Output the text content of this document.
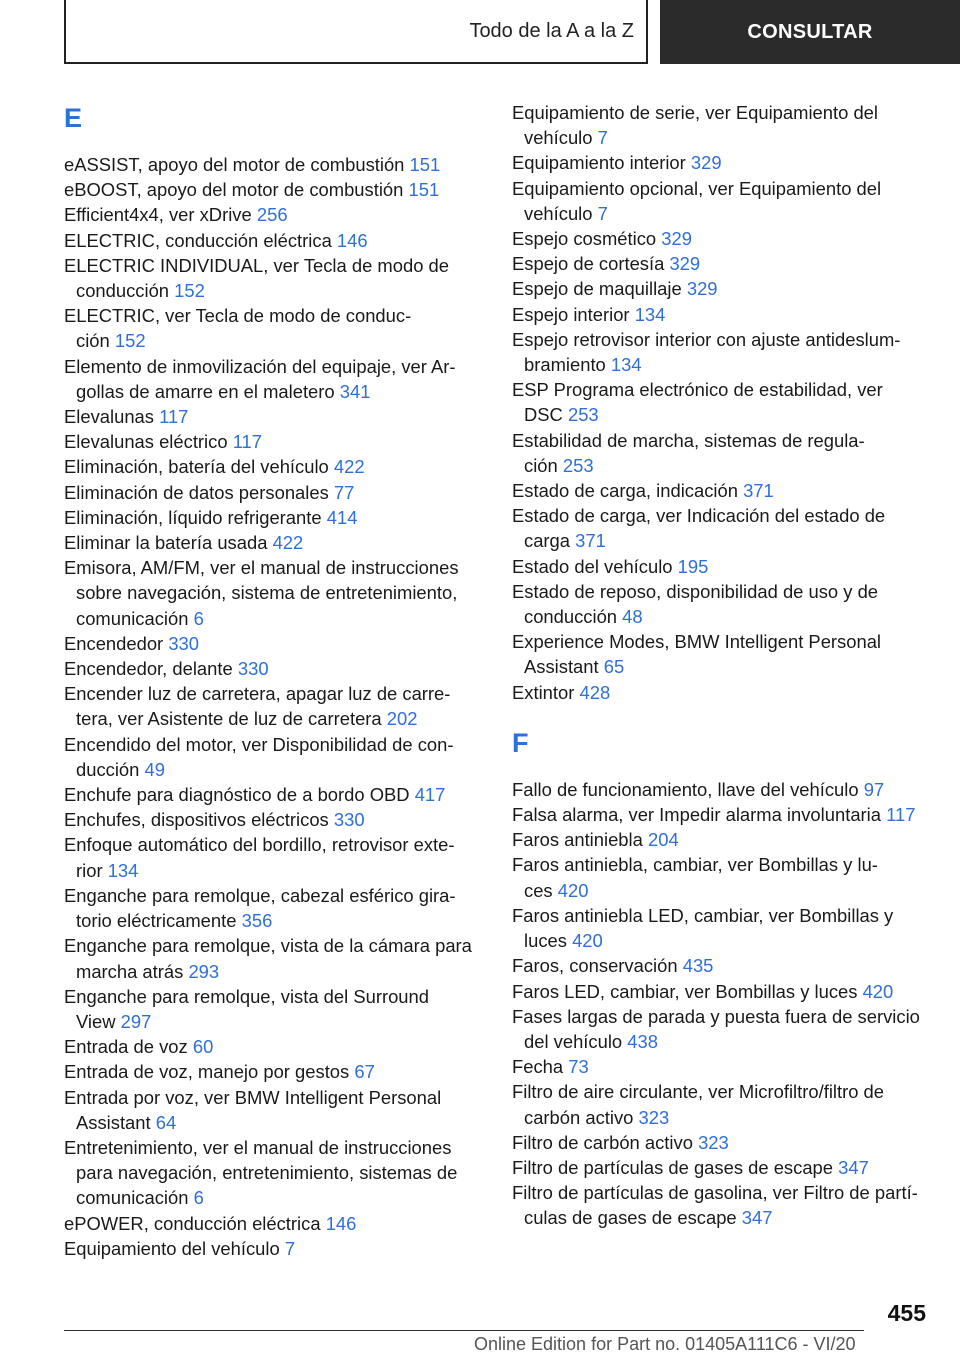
Todo de la A a la Z	CONSULTAR
E
eASSIST, apoyo del motor de combustión 151
eBOOST, apoyo del motor de combustión 151
Efficient4x4, ver xDrive 256
ELECTRIC, conducción eléctrica 146
ELECTRIC INDIVIDUAL, ver Tecla de modo de
conducción 152
ELECTRIC, ver Tecla de modo de conduc‐
ción 152
Elemento de inmovilización del equipaje, ver Ar‐
gollas de amarre en el maletero 341
Elevalunas 117
Elevalunas eléctrico 117
Eliminación, batería del vehículo 422
Eliminación de datos personales 77
Eliminación, líquido refrigerante 414
Eliminar la batería usada 422
Emisora, AM/FM, ver el manual de instrucciones
sobre navegación, sistema de entretenimiento,
comunicación 6
Encendedor 330
Encendedor, delante 330
Encender luz de carretera, apagar luz de carre‐
tera, ver Asistente de luz de carretera 202
Encendido del motor, ver Disponibilidad de con‐
ducción 49
Enchufe para diagnóstico de a bordo OBD 417
Enchufes, dispositivos eléctricos 330
Enfoque automático del bordillo, retrovisor exte‐
rior 134
Enganche para remolque, cabezal esférico gira‐
torio eléctricamente 356
Enganche para remolque, vista de la cámara para
marcha atrás 293
Enganche para remolque, vista del Surround
View 297
Entrada de voz 60
Entrada de voz, manejo por gestos 67
Entrada por voz, ver BMW Intelligent Personal
Assistant 64
Entretenimiento, ver el manual de instrucciones
para navegación, entretenimiento, sistemas de
comunicación 6
ePOWER, conducción eléctrica 146
Equipamiento del vehículo 7
Equipamiento de serie, ver Equipamiento del
vehículo 7
Equipamiento interior 329
Equipamiento opcional, ver Equipamiento del
vehículo 7
Espejo cosmético 329
Espejo de cortesía 329
Espejo de maquillaje 329
Espejo interior 134
Espejo retrovisor interior con ajuste antideslum‐
bramiento 134
ESP Programa electrónico de estabilidad, ver
DSC 253
Estabilidad de marcha, sistemas de regula‐
ción 253
Estado de carga, indicación 371
Estado de carga, ver Indicación del estado de
carga 371
Estado del vehículo 195
Estado de reposo, disponibilidad de uso y de
conducción 48
Experience Modes, BMW Intelligent Personal
Assistant 65
Extintor 428
F
Fallo de funcionamiento, llave del vehículo 97
Falsa alarma, ver Impedir alarma involuntaria 117
Faros antiniebla 204
Faros antiniebla, cambiar, ver Bombillas y lu‐
ces 420
Faros antiniebla LED, cambiar, ver Bombillas y
luces 420
Faros, conservación 435
Faros LED, cambiar, ver Bombillas y luces 420
Fases largas de parada y puesta fuera de servicio
del vehículo 438
Fecha 73
Filtro de aire circulante, ver Microfiltro/filtro de
carbón activo 323
Filtro de carbón activo 323
Filtro de partículas de gases de escape 347
Filtro de partículas de gasolina, ver Filtro de partí‐
culas de gases de escape 347
455
Online Edition for Part no. 01405A111C6 - VI/20
